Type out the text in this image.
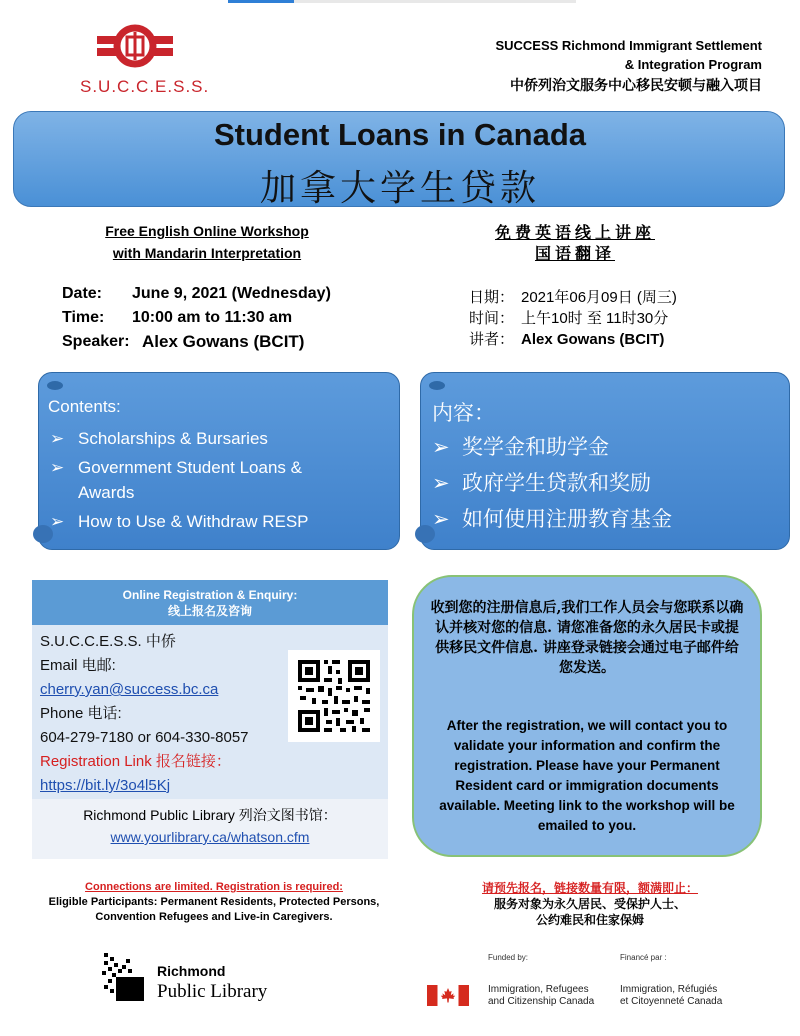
S.U.C.C.E.S.S.
SUCCESS Richmond Immigrant Settlement
& Integration Program
中侨列治文服务中心移民安顿与融入项目
Student Loans in Canada
加拿大学生贷款
Free English Online Workshop
with Mandarin Interpretation
免费英语线上讲座
国语翻译
Date:	June 9, 2021 (Wednesday)
Time:	10:00 am to 11:30 am
Speaker: Alex Gowans (BCIT)
日期： 2021年06月09日 (周三)
时间： 上午10时 至 11时30分
讲者： Alex Gowans (BCIT)
Contents:
➢ Scholarships & Bursaries
➢ Government Student Loans & Awards
➢ How to Use & Withdraw RESP
内容：
➢ 奖学金和助学金
➢ 政府学生贷款和奖励
➢ 如何使用注册教育基金
Online Registration & Enquiry:
线上报名及咨询
S.U.C.C.E.S.S. 中侨
Email 电邮:
cherry.yan@success.bc.ca
Phone 电话:
604-279-7180 or 604-330-8057
Registration Link 报名链接：
https://bit.ly/3o4l5Kj
Richmond Public Library 列治文图书馆：
www.yourlibrary.ca/whatson.cfm
收到您的注册信息后,我们工作人员会与您联系以确认并核对您的信息. 请您准备您的永久居民卡或提供移民文件信息. 讲座登录链接会通过电子邮件给您发送。
After the registration, we will contact you to validate your information and confirm the registration. Please have your Permanent Resident card or immigration documents available. Meeting link to the workshop will be emailed to you.
Connections are limited. Registration is required:
Eligible Participants: Permanent Residents, Protected Persons, Convention Refugees and Live-in Caregivers.
请预先报名，链接数量有限，额满即止：
服务对象为永久居民、受保护人士、
公约难民和住家保姆
Richmond
Public Library
Funded by:	Financé par :
Immigration, Refugees
and Citizenship Canada
Immigration, Réfugiés
et Citoyenneté Canada
